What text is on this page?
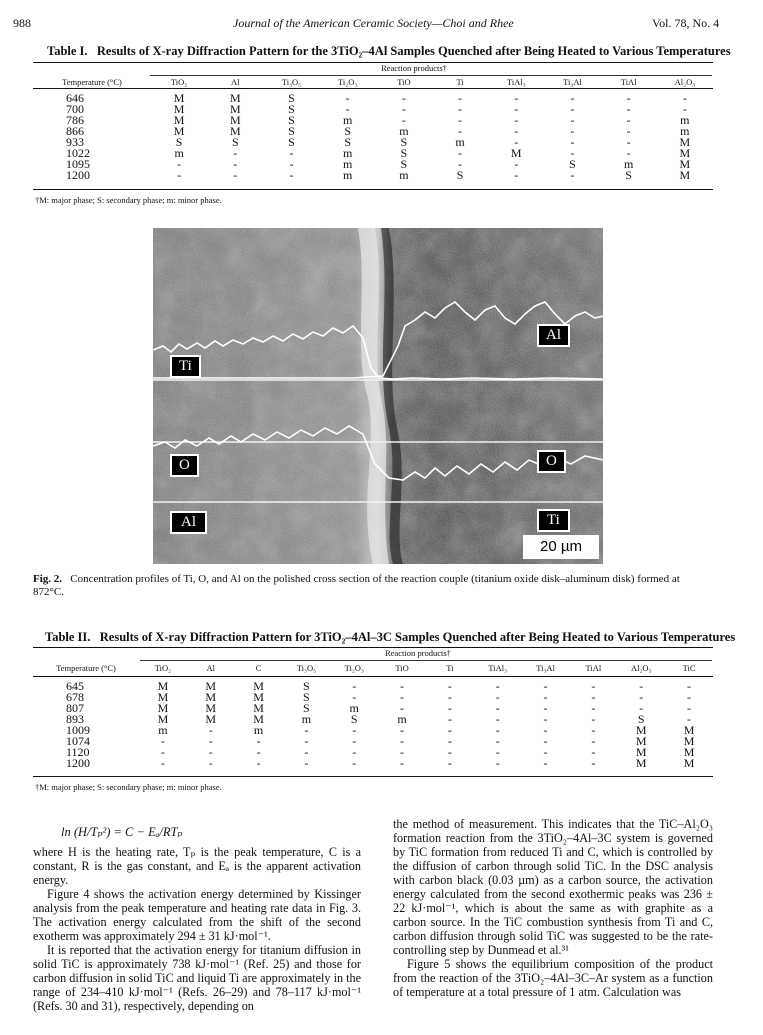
988	Journal of the American Ceramic Society—Choi and Rhee	Vol. 78, No. 4
Table I. Results of X-ray Diffraction Pattern for the 3TiO₂–4Al Samples Quenched after Being Heated to Various Temperatures
Reaction products†
Temperature (°C)	TiO₂	Al	Ti₃O₅	Ti₂O₃	TiO	Ti	TiAl₃	Ti₃Al	TiAl	Al₂O₃
646	M	M	S	-	-	-	-	-	-	-
700	M	M	S	-	-	-	-	-	-	-
786	M	M	S	m	-	-	-	-	-	m
866	M	M	S	S	m	-	-	-	-	m
933	S	S	S	S	S	m	-	-	-	M
1022	m	-	-	m	S	-	M	-	-	M
1095	-	-	-	m	S	-	-	S	m	M
1200	-	-	-	m	m	S	-	-	S	M
†M: major phase; S: secondary phase; m: minor phase.
Ti
O
Al
Al
O
Ti
20 µm
Fig. 2. Concentration profiles of Ti, O, and Al on the polished cross section of the reaction couple (titanium oxide disk–aluminum disk) formed at 872°C.
Table II. Results of X-ray Diffraction Pattern for 3TiO₂–4Al–3C Samples Quenched after Being Heated to Various Temperatures
Reaction products†
Temperature (°C)	TiO₂	Al	C	Ti₃O₅	Ti₂O₃	TiO	Ti	TiAl₃	Ti₃Al	TiAl	Al₂O₃	TiC
645	M	M	M	S	-	-	-	-	-	-	-	-
678	M	M	M	S	-	-	-	-	-	-	-	-
807	M	M	M	S	m	-	-	-	-	-	-	-
893	M	M	M	m	S	m	-	-	-	-	S	-
1009	m	-	m	-	-	-	-	-	-	-	M	M
1074	-	-	-	-	-	-	-	-	-	-	M	M
1120	-	-	-	-	-	-	-	-	-	-	M	M
1200	-	-	-	-	-	-	-	-	-	-	M	M
†M: major phase; S: secondary phase; m: minor phase.
ln (H/Tₚ²) = C − Eₐ/RTₚ

where H is the heating rate, Tₚ is the peak temperature, C is a constant, R is the gas constant, and Eₐ is the apparent activation energy.

Figure 4 shows the activation energy determined by Kissinger analysis from the peak temperature and heating rate data in Fig. 3. The activation energy calculated from the shift of the second exotherm was approximately 294 ± 31 kJ·mol⁻¹.

It is reported that the activation energy for titanium diffusion in solid TiC is approximately 738 kJ·mol⁻¹ (Ref. 25) and those for carbon diffusion in solid TiC and liquid Ti are approximately in the range of 234–410 kJ·mol⁻¹ (Refs. 26–29) and 78–117 kJ·mol⁻¹ (Refs. 30 and 31), respectively, depending on

the method of measurement. This indicates that the TiC–Al₂O₃ formation reaction from the 3TiO₂–4Al–3C system is governed by TiC formation from reduced Ti and C, which is controlled by the diffusion of carbon through solid TiC. In the DSC analysis with carbon black (0.03 µm) as a carbon source, the activation energy calculated from the second exothermic peaks was 236 ± 22 kJ·mol⁻¹, which is about the same as with graphite as a carbon source. In the TiC combustion synthesis from Ti and C, carbon diffusion through solid TiC was suggested to be the rate-controlling step by Dunmead et al.³¹

Figure 5 shows the equilibrium composition of the product from the reaction of the 3TiO₂–4Al–3C–Ar system as a function of temperature at a total pressure of 1 atm. Calculation was
